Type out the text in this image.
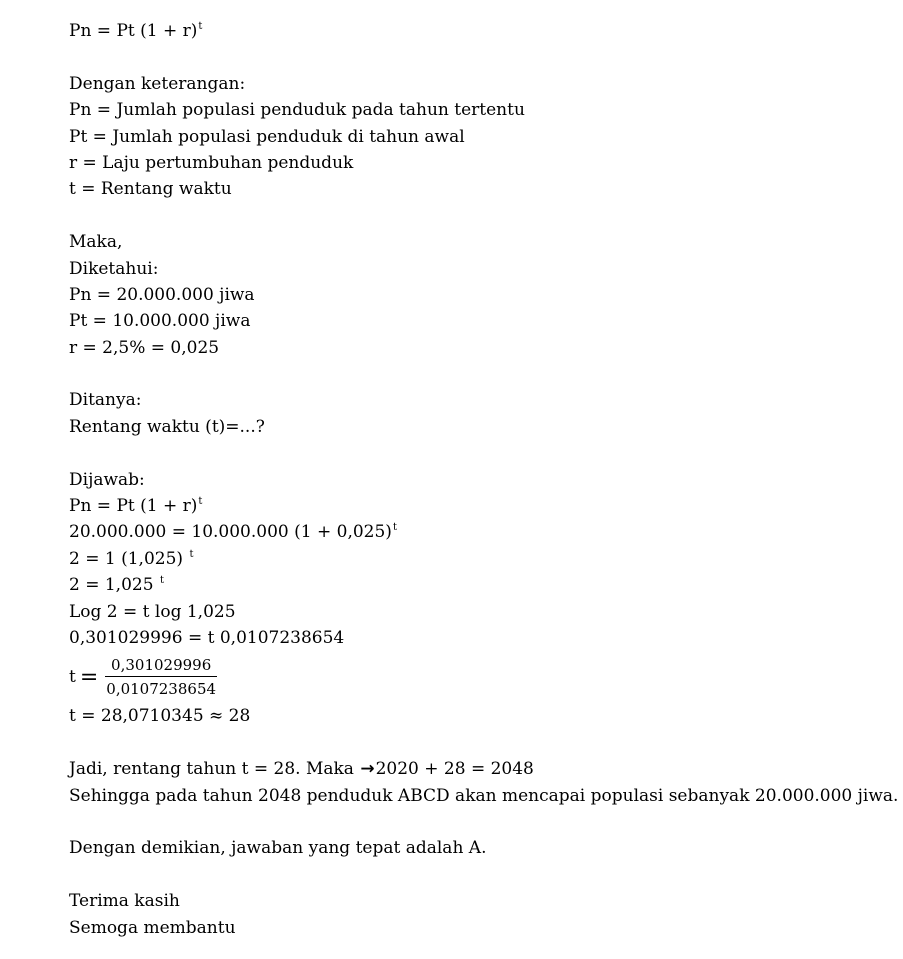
Pn = Pt $(1 + r)^t$
Dengan keterangan:
Pn = Jumlah populasi penduduk pada tahun tertentu
Pt = Jumlah populasi penduduk di tahun awal
r = Laju pertumbuhan penduduk
t = Rentang waktu
Maka,
Diketahui:
Pn = 20.000.000 jiwa
Pt = 10.000.000 jiwa
r = 2,5% = 0,025
Ditanya:
Rentang waktu (t)=...?
Dijawab:
Pn = Pt $(1 + r)^t$
20.000.000 = 10.000.000 $(1 + 0,025)^t$
2 = 1 (1,025) $^t$
2 = 1,025 $^t$
Log 2 = t log 1,025
0,301029996 = t 0,0107238654
$t = \frac{0,301029996}{0,0107238654}$
t = 28,0710345 ≈ 28
Jadi, rentang tahun t = 28. Maka →2020 + 28 = 2048
Sehingga pada tahun 2048 penduduk ABCD akan mencapai populasi sebanyak 20.000.000 jiwa.
Dengan demikian, jawaban yang tepat adalah A.
Terima kasih
Semoga membantu
